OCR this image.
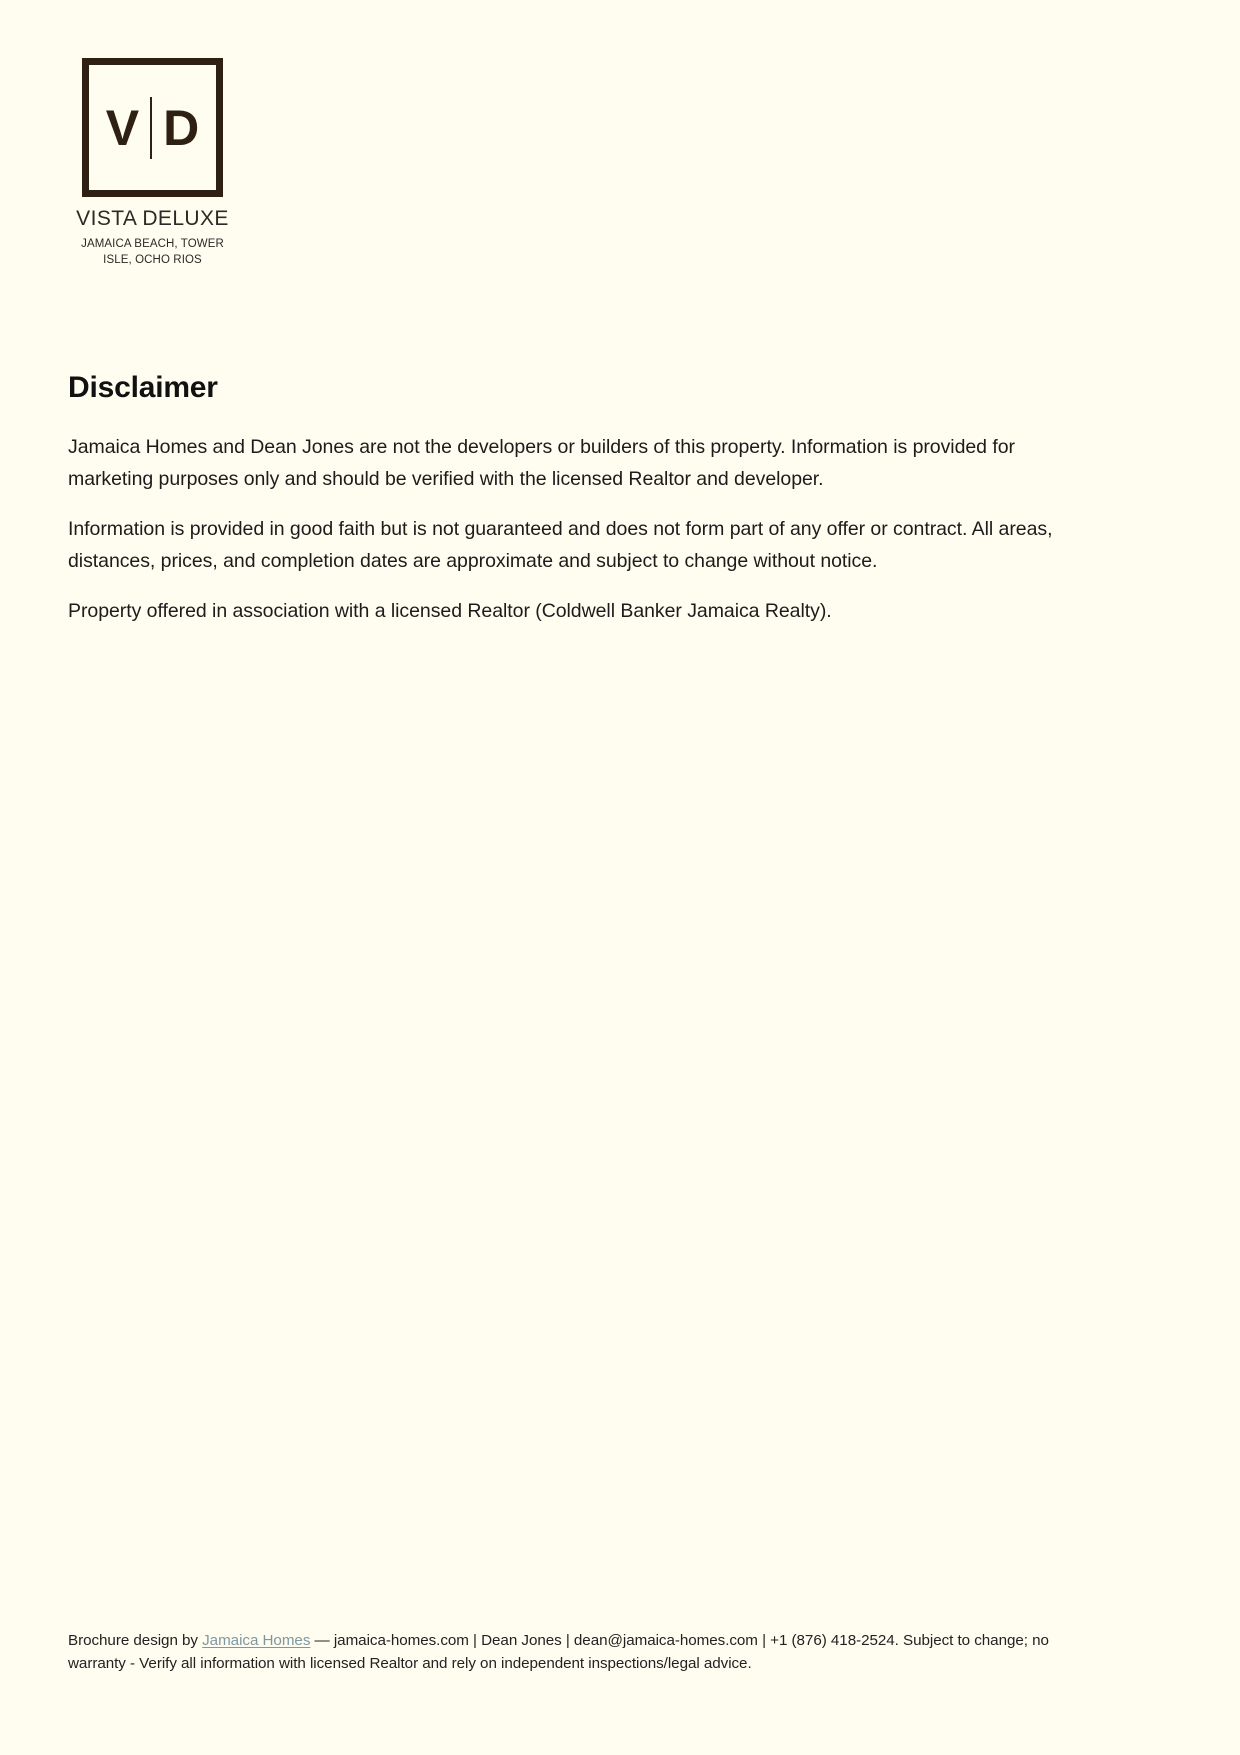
V D
VISTA DELUXE
JAMAICA BEACH, TOWER
ISLE, OCHO RIOS
Disclaimer

Jamaica Homes and Dean Jones are not the developers or builders of this property. Information is provided for marketing purposes only and should be verified with the licensed Realtor and developer.

Information is provided in good faith but is not guaranteed and does not form part of any offer or contract. All areas, distances, prices, and completion dates are approximate and subject to change without notice.

Property offered in association with a licensed Realtor (Coldwell Banker Jamaica Realty).

Brochure design by Jamaica Homes — jamaica-homes.com | Dean Jones | dean@jamaica-homes.com | +1 (876) 418-2524. Subject to change; no warranty - Verify all information with licensed Realtor and rely on independent inspections/legal advice.
